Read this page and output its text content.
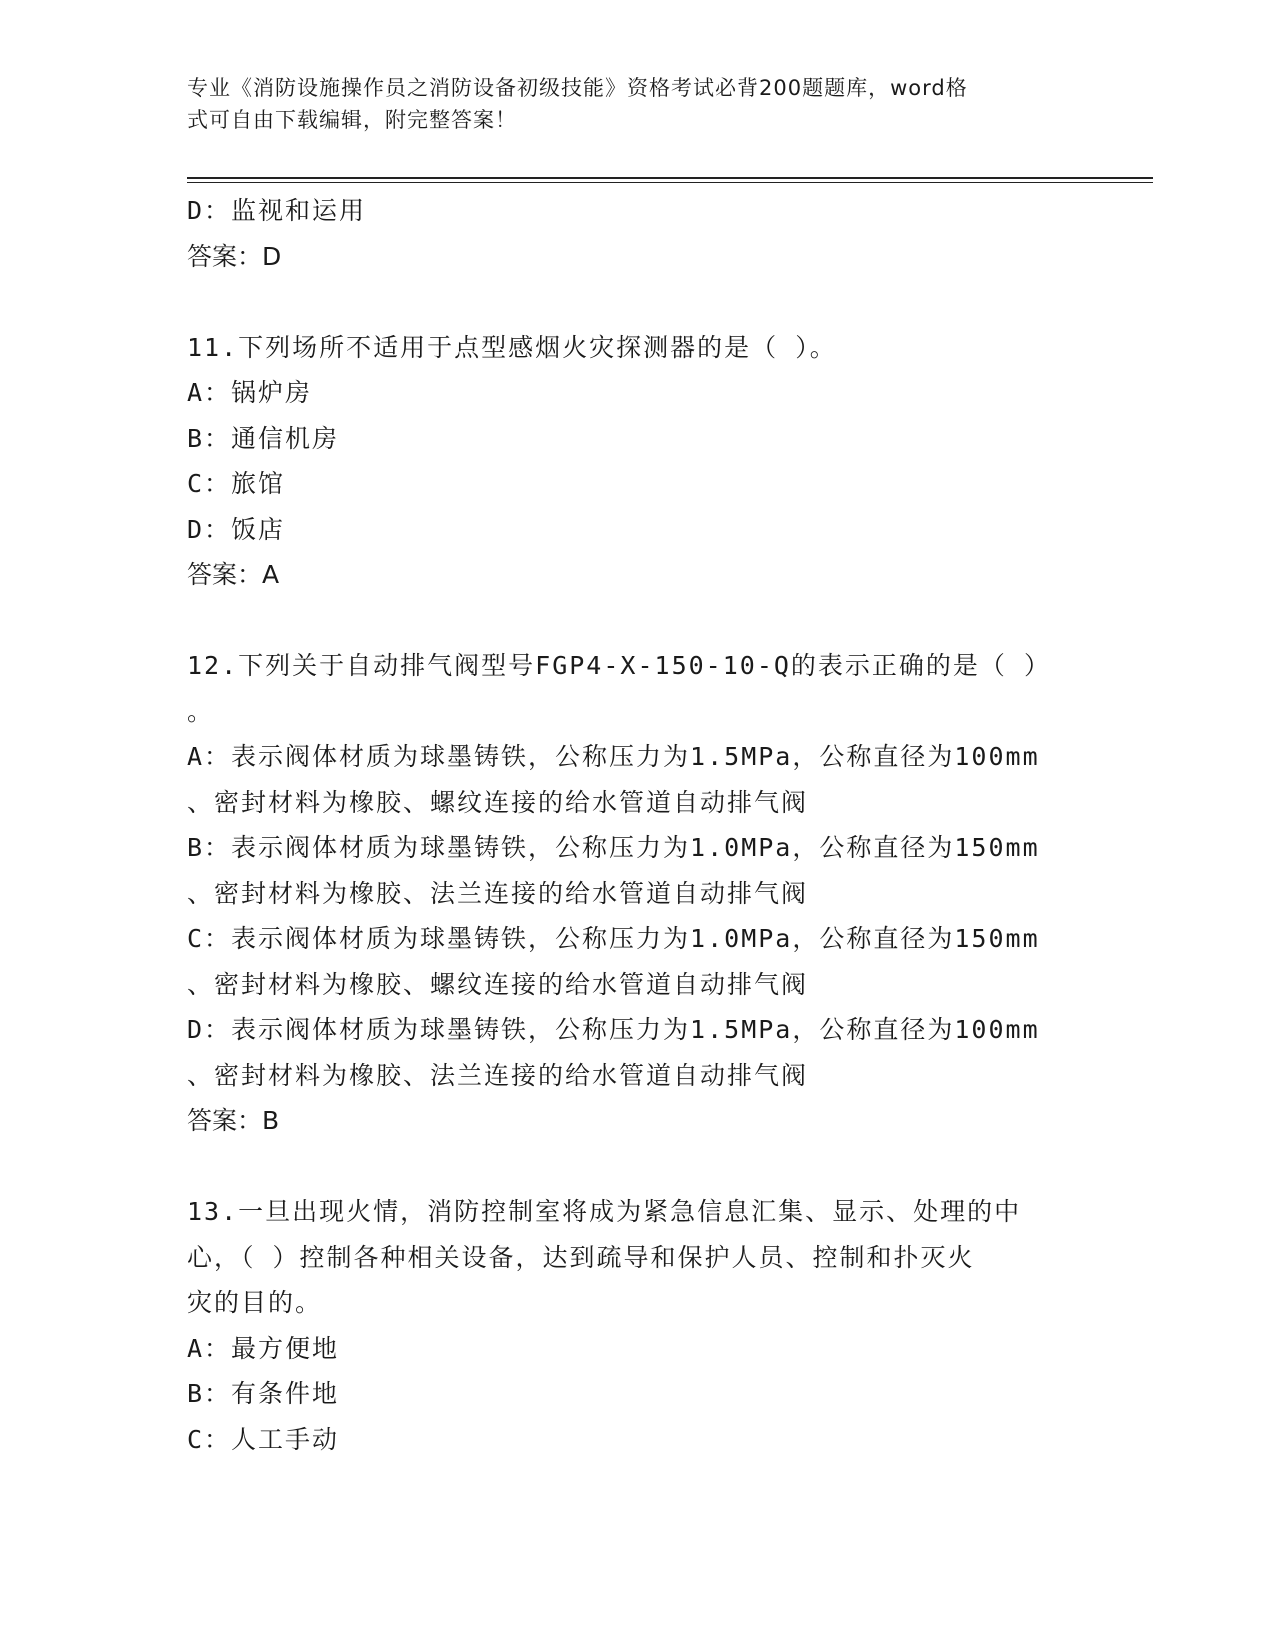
专业《消防设施操作员之消防设备初级技能》资格考试必背200题题库，word格
式可自由下载编辑，附完整答案！
D：监视和运用
答案：D
11.下列场所不适用于点型感烟火灾探测器的是（ ）。
A：锅炉房
B：通信机房
C：旅馆
D：饭店
答案：A
12.下列关于自动排气阀型号FGP4-X-150-10-Q的表示正确的是（ ）
。
A：表示阀体材质为球墨铸铁，公称压力为1.5MPa，公称直径为100mm
、密封材料为橡胶、螺纹连接的给水管道自动排气阀
B：表示阀体材质为球墨铸铁，公称压力为1.0MPa，公称直径为150mm
、密封材料为橡胶、法兰连接的给水管道自动排气阀
C：表示阀体材质为球墨铸铁，公称压力为1.0MPa，公称直径为150mm
、密封材料为橡胶、螺纹连接的给水管道自动排气阀
D：表示阀体材质为球墨铸铁，公称压力为1.5MPa，公称直径为100mm
、密封材料为橡胶、法兰连接的给水管道自动排气阀
答案：B
13.一旦出现火情，消防控制室将成为紧急信息汇集、显示、处理的中
心，（ ）控制各种相关设备，达到疏导和保护人员、控制和扑灭火
灾的目的。
A：最方便地
B：有条件地
C：人工手动
